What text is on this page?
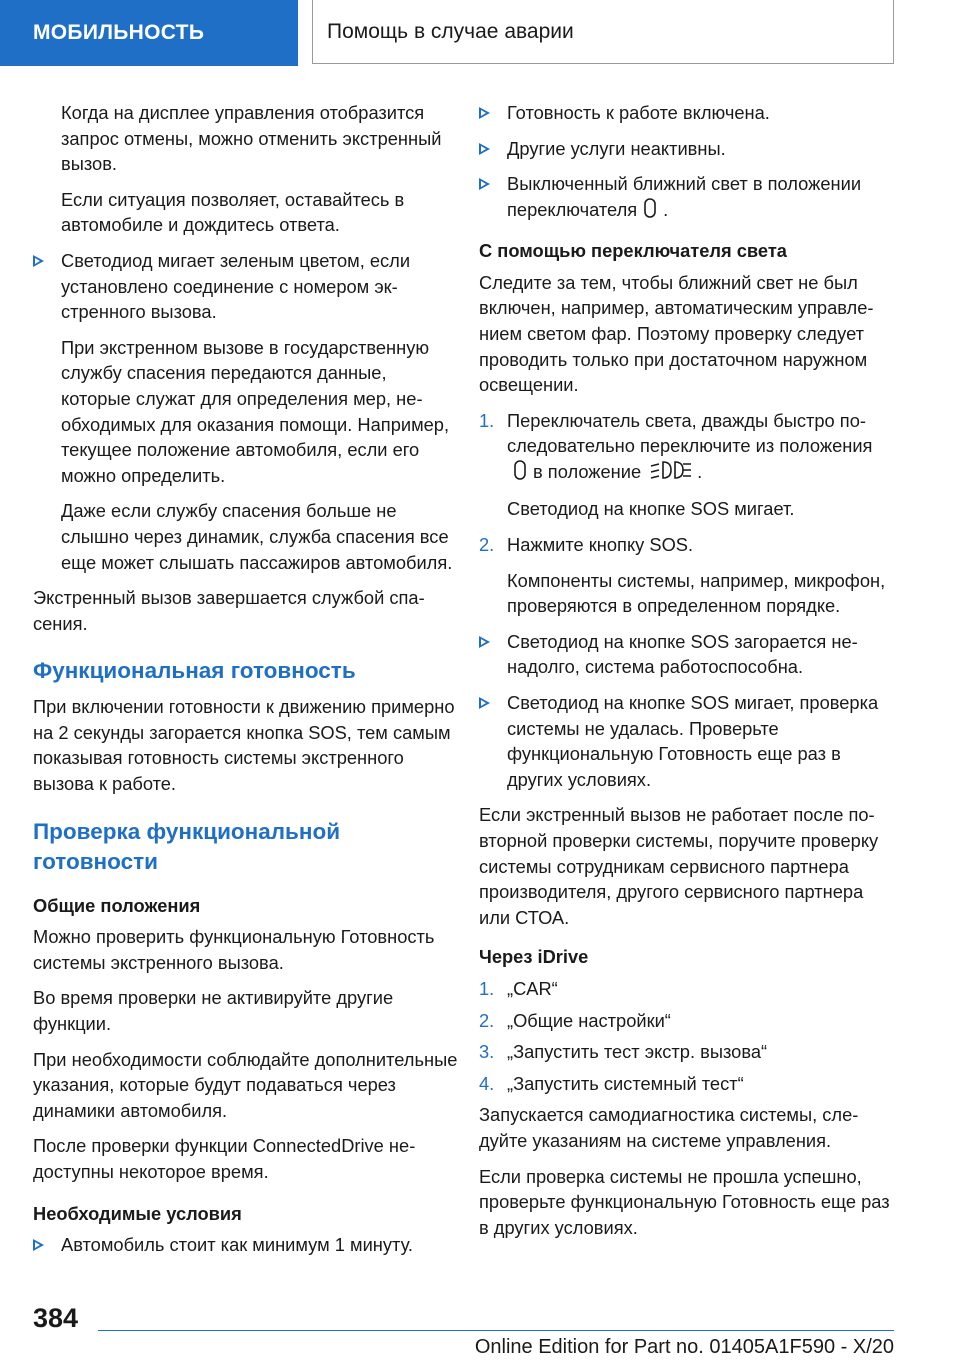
МОБИЛЬНОСТЬ	Помощь в случае аварии

Когда на дисплее управления отобразится запрос отмены, можно отменить экстренный вызов.

Если ситуация позволяет, оставайтесь в автомобиле и дождитесь ответа.

Светодиод мигает зеленым цветом, если установлено соединение с номером экстренного вызова.

При экстренном вызове в государственную службу спасения передаются данные, которые служат для определения мер, необходимых для оказания помощи. Например, текущее положение автомобиля, если его можно определить.

Даже если службу спасения больше не слышно через динамик, служба спасения все еще может слышать пассажиров автомобиля.

Экстренный вызов завершается службой спасения.

Функциональная готовность

При включении готовности к движению примерно на 2 секунды загорается кнопка SOS, тем самым показывая готовность системы экстренного вызова к работе.

Проверка функциональной готовности
Общие положения

Можно проверить функциональную Готовность системы экстренного вызова.

Во время проверки не активируйте другие функции.

При необходимости соблюдайте дополнительные указания, которые будут подаваться через динамики автомобиля.

После проверки функции ConnectedDrive недоступны некоторое время.

Необходимые условия
Автомобиль стоит как минимум 1 минуту.
Готовность к работе включена.
Другие услуги неактивны.
Выключенный ближний свет в положении переключателя .
С помощью переключателя света

Следите за тем, чтобы ближний свет не был включен, например, автоматическим управлением светом фар. Поэтому проверку следует проводить только при достаточном наружном освещении.

1. Переключатель света, дважды быстро последовательно переключите из положенияв положение	.

Светодиод на кнопке SOS мигает.

2. Нажмите кнопку SOS.

Компоненты системы, например, микрофон, проверяются в определенном порядке.

Светодиод на кнопке SOS загорается ненадолго, система работоспособна.
Светодиод на кнопке SOS мигает, проверка системы не удалась. Проверьте функциональную Готовность еще раз в других условиях.

Если экстренный вызов не работает после повторной проверки системы, поручите проверку системы сотрудникам сервисного партнера производителя, другого сервисного партнера или СТОА.

Через iDrive
1. „CAR“
2. „Общие настройки“
3. „Запустить тест экстр. вызова“
4. „Запустить системный тест“

Запускается самодиагностика системы, следуйте указаниям на системе управления.

Если проверка системы не прошла успешно, проверьте функциональную Готовность еще раз в других условиях.

384
Online Edition for Part no. 01405A1F590 - X/20
